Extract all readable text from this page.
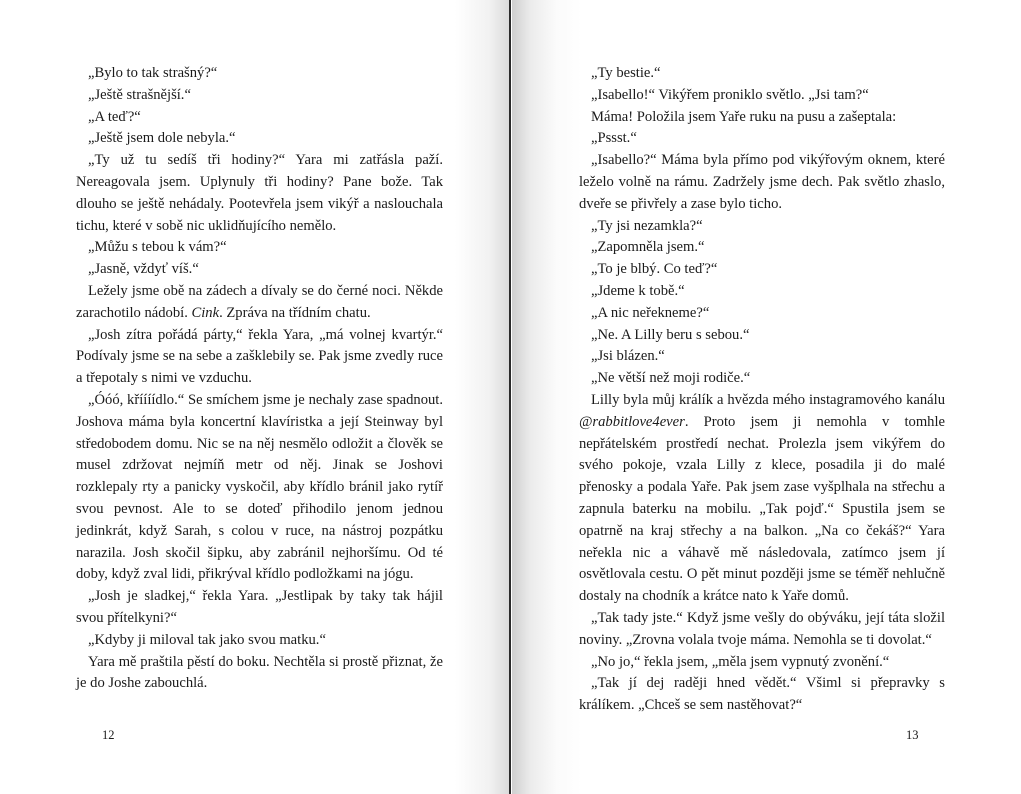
„Bylo to tak strašný?“

„Ještě strašnější.“

„A teď?“

„Ještě jsem dole nebyla.“

„Ty už tu sedíš tři hodiny?“ Yara mi zatřásla paží. Nereagovala jsem. Uplynuly tři hodiny? Pane bože. Tak dlouho se ještě nehádaly. Pootevřela jsem vikýř a naslouchala tichu, které v sobě nic uklidňujícího nemělo.

„Můžu s tebou k vám?“

„Jasně, vždyť víš.“

Ležely jsme obě na zádech a dívaly se do černé noci. Někde zarachotilo nádobí. Cink. Zpráva na třídním chatu.

„Josh zítra pořádá párty,“ řekla Yara, „má volnej kvartýr.“ Podívaly jsme se na sebe a zašklebily se. Pak jsme zvedly ruce a třepotaly s nimi ve vzduchu.

„Óóó, kříííídlo.“ Se smíchem jsme je nechaly zase spadnout. Joshova máma byla koncertní klavíristka a její Steinway byl středobodem domu. Nic se na něj nesmělo odložit a člověk se musel zdržovat nejmíň metr od něj. Jinak se Joshovi rozklepaly rty a panicky vyskočil, aby křídlo bránil jako rytíř svou pevnost. Ale to se doteď přihodilo jenom jednou jedinkrát, když Sarah, s colou v ruce, na nástroj pozpátku narazila. Josh skočil šipku, aby zabránil nejhoršímu. Od té doby, když zval lidi, přikrýval křídlo podložkami na jógu.

„Josh je sladkej,“ řekla Yara. „Jestlipak by taky tak hájil svou přítelkyni?“

„Kdyby ji miloval tak jako svou matku.“

Yara mě praštila pěstí do boku. Nechtěla si prostě přiznat, že je do Joshe zabouchlá.

12

„Ty bestie.“

„Isabello!“ Vikýřem proniklo světlo. „Jsi tam?“

Máma! Položila jsem Yaře ruku na pusu a zašeptala:

„Pssst.“

„Isabello?“ Máma byla přímo pod vikýřovým oknem, které leželo volně na rámu. Zadržely jsme dech. Pak světlo zhaslo, dveře se přivřely a zase bylo ticho.

„Ty jsi nezamkla?“

„Zapomněla jsem.“

„To je blbý. Co teď?“

„Jdeme k tobě.“

„A nic neřekneme?“

„Ne. A Lilly beru s sebou.“

„Jsi blázen.“

„Ne větší než moji rodiče.“

Lilly byla můj králík a hvězda mého instagramového kanálu @rabbitlove4ever. Proto jsem ji nemohla v tomhle nepřátelském prostředí nechat. Prolezla jsem vikýřem do svého pokoje, vzala Lilly z klece, posadila ji do malé přenosky a podala Yaře. Pak jsem zase vyšplhala na střechu a zapnula baterku na mobilu. „Tak pojď.“ Spustila jsem se opatrně na kraj střechy a na balkon. „Na co čekáš?“ Yara neřekla nic a váhavě mě následovala, zatímco jsem jí osvětlovala cestu. O pět minut později jsme se téměř nehlučně dostaly na chodník a krátce nato k Yaře domů.

„Tak tady jste.“ Když jsme vešly do obýváku, její táta složil noviny. „Zrovna volala tvoje máma. Nemohla se ti dovolat.“

„No jo,“ řekla jsem, „měla jsem vypnutý zvonění.“

„Tak jí dej raději hned vědět.“ Všiml si přepravky s králíkem. „Chceš se sem nastěhovat?“

13
